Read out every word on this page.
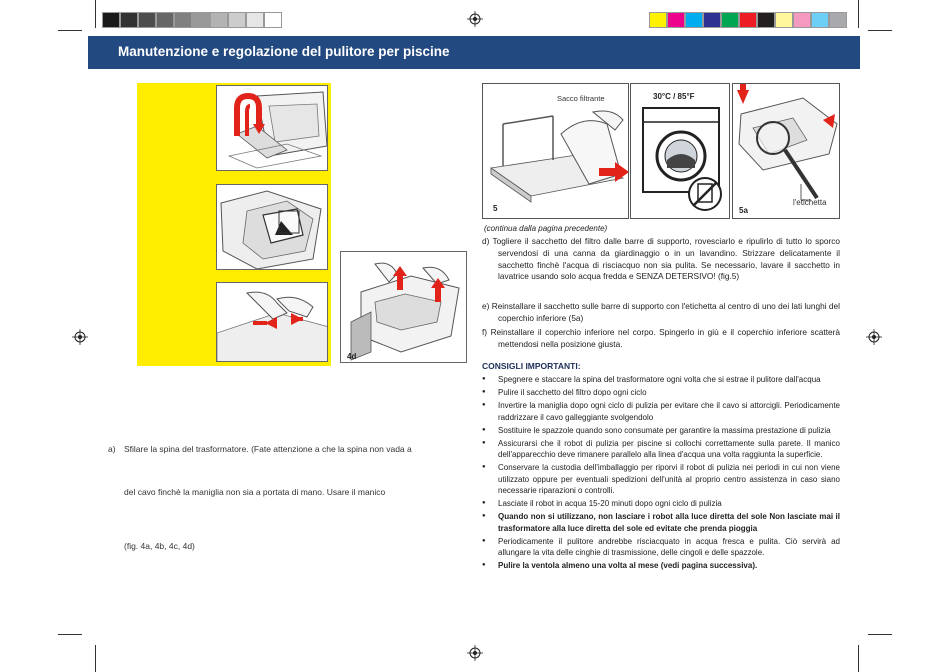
Manutenzione e regolazione del pulitore per piscine
4d
a) Sfilare la spina del trasformatore. (Fate attenzione a che la spina non vada a
del cavo finchè la maniglia non sia a portata di mano. Usare il manico
(fig. 4a, 4b, 4c, 4d)
Sacco filtrante
5
30°C / 85°F
5a
l'etichetta
(continua dalla pagina precedente)

d) Togliere il sacchetto del filtro dalle barre di supporto, rovesciarlo e ripulirlo di tutto lo sporco servendosi di una canna da giardinaggio o in un lavandino. Strizzare delicatamente il sacchetto finchè l'acqua di risciacquo non sia pulita. Se necessario, lavare il sacchetto in lavatrice usando solo acqua fredda e SENZA DETERSIVO! (fig.5)

e) Reinstallare il sacchetto sulle barre di supporto con l'etichetta al centro di uno dei lati lunghi del coperchio inferiore (5a)

f) Reinstallare il coperchio inferiore nel corpo. Spingerlo in giù e il coperchio inferiore scatterà mettendosi nella posizione giusta.

CONSIGLI IMPORTANTI:
● Spegnere e staccare la spina del trasformatore ogni volta che si estrae il pulitore dall'acqua
● Pulire il sacchetto del filtro dopo ogni ciclo
● Invertire la maniglia dopo ogni ciclo di pulizia per evitare che il cavo si attorcigli. Periodicamente raddrizzare il cavo galleggiante svolgendolo
● Sostituire le spazzole quando sono consumate per garantire la massima prestazione di pulizia
● Assicurarsi che il robot di pulizia per piscine si collochi correttamente sulla parete. Il manico dell'apparecchio deve rimanere parallelo alla linea d'acqua una volta raggiunta la superficie.
● Conservare la custodia dell'imballaggio per riporvi il robot di pulizia nei periodi in cui non viene utilizzato oppure per eventuali spedizioni dell'unità al proprio centro assistenza in caso siano necessarie riparazioni o controlli.
● Lasciate il robot in acqua 15-20 minuti dopo ogni ciclo di pulizia
● Quando non si utilizzano, non lasciare i robot alla luce diretta del sole Non lasciate mai il trasformatore alla luce diretta del sole ed evitate che prenda pioggia
● Periodicamente il pulitore andrebbe risciacquato in acqua fresca e pulita. Ciò servirà ad allungare la vita delle cinghie di trasmissione, delle cingoli e delle spazzole.
● Pulire la ventola almeno una volta al mese (vedi pagina successiva).
